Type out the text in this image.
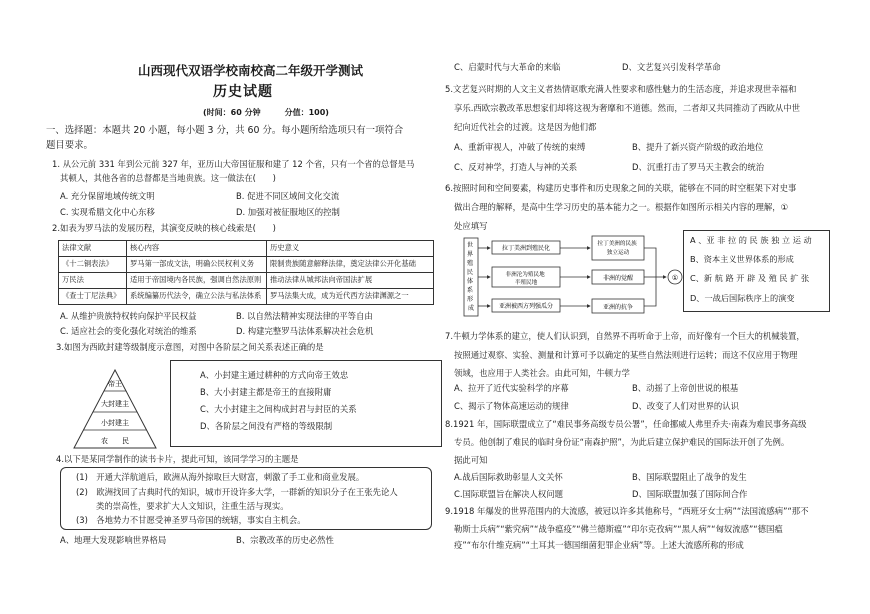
山西现代双语学校南校高二年级开学测试
历史试题
(时间：60 分钟　　　分值：100)
一、选择题：本题共 20 小题，每小题 3 分，共 60 分。每小题所给选项只有一项符合
题目要求。
1. 从公元前 331 年到公元前 327 年，亚历山大帝国征服和建了 12 个省，只有一个省的总督是马
其顿人，其他各省的总督都是当地贵族。这一做法在(　　)
A. 充分保留地域传统文明	B. 促进不同区域间文化交流
C. 实现希腊文化中心东移	D. 加强对被征服地区的控制
2.如表为罗马法的发展历程，其演变反映的核心线索是(　　)
法律文献	核心内容	历史意义
《十二铜表法》	罗马第一部成文法，明确公民权利义务	限制贵族随意解释法律，奠定法律公开化基础
万民法	适用于帝国境内各民族，强调自然法原则	推动法律从城邦法向帝国法扩展
《查士丁尼法典》	系统编纂历代法令，确立公法与私法体系	罗马法集大成，成为近代西方法律渊源之一
A. 从维护贵族特权转向保护平民权益	B. 以自然法精神实现法律的平等自由
C. 适应社会的变化强化对统治的维系	D. 构建完整罗马法体系解决社会危机
3.如图为西欧封建等级制度示意图，对图中各阶层之间关系表述正确的是
帝王
大封建主
小封建主
农　　民
A、小封建主通过耕种的方式向帝王效忠
B、大小封建主都是帝王的直接附庸
C、大小封建主之间构成封君与封臣的关系
D、各阶层之间没有严格的等级限制
4.以下是某同学制作的读书卡片，提此可知，该同学学习的主题是
(1)　开通大洋航道后，欧洲从海外掠取巨大财富，刺激了手工业和商业发展。
(2)　欧洲找回了古典时代的知识，城市开设许多大学，一群新的知识分子在王张先论人
类的崇高性，要求扩大人文知识，注重生活与现实。
(3)　各地势力不甘愿受神圣罗马帝国的统辖，事实自主机会。
A、地理大发现影响世界格局	B、宗教改革的历史必然性
C、启蒙时代与大革命的来临	D、文艺复兴引发科学革命
5.文艺复兴时期的人文主义者热情讴歌充满人性要求和感性魅力的生活态度，并追求现世幸福和
享乐.西欧宗教改革思想家们却将这视为奢靡和不道德。然而，二者却又共同推动了西欧从中世
纪向近代社会的过渡。这是因为他们都
A、重新审视人，冲破了传统的束缚	B、提升了新兴资产阶级的政治地位
C、反对神学，打造人与神的关系	D、沉重打击了罗马天主教会的统治
6.按照时间和空间要素，构建历史事件和历史现象之间的关联，能够在不同的时空框架下对史事
做出合理的解释，是高中生学习历史的基本能力之一。根据作如图所示相关内容的理解，①
处应填写
世 界 殖 民 体 系 形 成
拉丁美洲到殖民化
非洲沦为殖民地 半殖民地
亚洲被西方列强瓜分
拉丁美洲的民族 独立运动
非洲的觉醒
亚洲的抗争
①
A 、亚 非 拉 的 民 族 独 立 运 动
B、资本主义世界体系的形成
C、新 航 路 开 辟 及 殖 民 扩 张
D、一战后国际秩序上的演变
7.牛顿力学体系的建立，使人们认识到，自然界不再听命于上帝，而好像有一个巨大的机械装置，
按照通过观察、实验、测量和计算可予以确定的某些自然法则进行运转；而这不仅应用于物理
领域，也应用于人类社会。由此可知，牛顿力学
A、拉开了近代实验科学的序幕	B、动摇了上帝创世说的根基
C、揭示了物体高速运动的规律	D、改变了人们对世界的认识
8.1921 年，国际联盟成立了“难民事务高级专员公署”，任命挪威人弗里乔夫·南森为难民事务高级
专员。他创制了难民的临时身份证“南森护照”，为此后建立保护难民的国际法开创了先例。
据此可知
A.战后国际救助彰显人文关怀	B、国际联盟阻止了战争的发生
C.国际联盟旨在解决人权问题	D、国际联盟加强了国际间合作
9.1918 年爆发的世界范围内的大流感，被冠以许多其他称号，“西班牙女士病”“法国流感病”“那不
勒斯士兵病”“紫究病”“战争瘟疫”“佛兰德斯瘟”“印尔克孜病”“黑人病”“匈奴流感”“德国瘟
疫”“布尔什维克病”“土耳其一德国细菌犯罪企业病”等。上述大流感所称的形成
